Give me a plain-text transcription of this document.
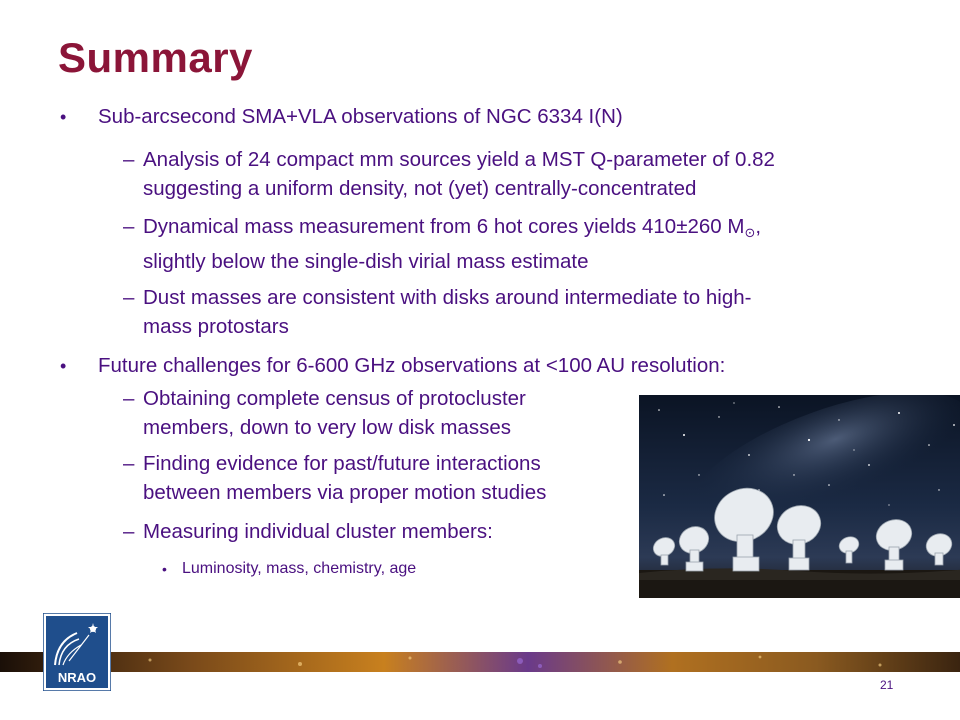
Summary
• Sub-arcsecond SMA+VLA observations of NGC 6334 I(N)
– Analysis of 24 compact mm sources yield a MST Q-parameter of 0.82
suggesting a uniform density, not (yet) centrally-concentrated
– Dynamical mass measurement from 6 hot cores yields 410±260 $M_⊙$,
slightly below the single-dish virial mass estimate
– Dust masses are consistent with disks around intermediate to high-
mass protostars
• Future challenges for 6-600 GHz observations at <100 AU resolution:
– Obtaining complete census of protocluster
members, down to very low disk masses
– Finding evidence for past/future interactions
between members via proper motion studies
– Measuring individual cluster members:
• Luminosity, mass, chemistry, age
NRAO	21
